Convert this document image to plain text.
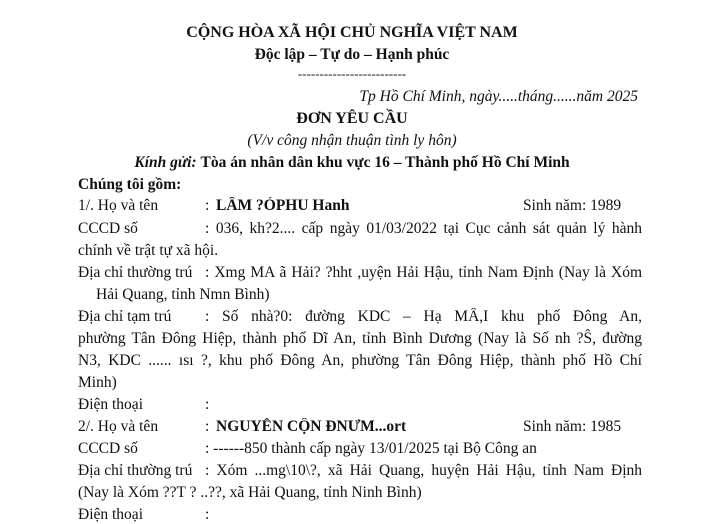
CỘNG HÒA XÃ HỘI CHỦ NGHĨA VIỆT NAM
Độc lập – Tự do – Hạnh phúc
-------------------------
Tp Hồ Chí Minh, ngày.....tháng......năm 2025
ĐƠN YÊU CẦU
(V/v công nhận thuận tình ly hôn)
Kính gửi: Tòa án nhân dân khu vực 16 – Thành phố Hồ Chí Minh
Chúng tôi gồm:
1/. Họ và tên	: LÂM ?ÓPHU Hanh	Sinh năm: 1989
CCCD số	: 036, kh?2.... cấp ngày 01/03/2022 tại Cục cảnh sát quản lý hành
chính về trật tự xã hội.
Địa chỉ thường trú : Xmg MA ã Hải? ?hht ,uyện Hải Hậu, tỉnh Nam Định (Nay là Xóm
Hải Quang, tỉnh Nmn Bình)
Địa chỉ tạm trú : Số nhà?0: đường KDC – Hạ MÂ,I khu phố Đông An,
phường Tân Đông Hiệp, thành phố Dĩ An, tỉnh Bình Dương (Nay là Số nh ?Ŝ, đường
N3, KDC ...... ısı ?, khu phố Đông An, phường Tân Đông Hiệp, thành phố Hồ Chí
Minh)
Điện thoại	:
2/. Họ và tên	: NGUYỄN CỘN ĐNƯM...ort	Sinh năm: 1985
CCCD số	: ------850 thành cấp ngày 13/01/2025 tại Bộ Công an
Địa chỉ thường trú : Xóm ...mg\10\?, xã Hải Quang, huyện Hải Hậu, tỉnh Nam Định
(Nay là Xóm ??T ? ..??, xã Hải Quang, tỉnh Ninh Bình)
Điện thoại	:
